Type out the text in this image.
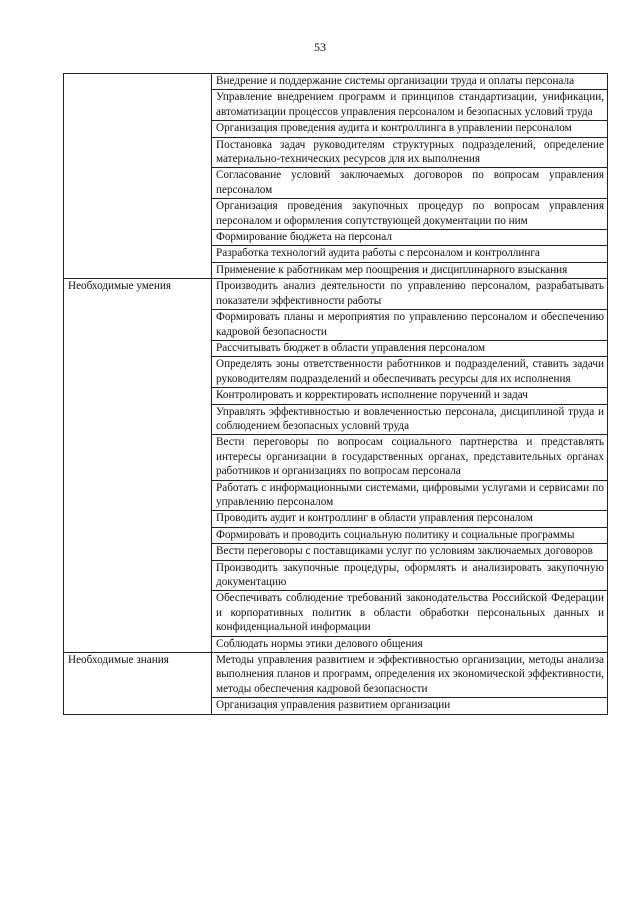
53
	Внедрение и поддержание системы организации труда и оплаты персонала
	Управление внедрением программ и принципов стандартизации, унификации, автоматизации процессов управления персоналом и безопасных условий труда
	Организация проведения аудита и контроллинга в управлении персоналом
	Постановка задач руководителям структурных подразделений, определение материально-технических ресурсов для их выполнения
	Согласование условий заключаемых договоров по вопросам управления персоналом
	Организация проведения закупочных процедур по вопросам управления персоналом и оформления сопутствующей документации по ним
	Формирование бюджета на персонал
	Разработка технологий аудита работы с персоналом и контроллинга
	Применение к работникам мер поощрения и дисциплинарного взыскания
Необходимые умения	Производить анализ деятельности по управлению персоналом, разрабатывать показатели эффективности работы
	Формировать планы и мероприятия по управлению персоналом и обеспечению кадровой безопасности
	Рассчитывать бюджет в области управления персоналом
	Определять зоны ответственности работников и подразделений, ставить задачи руководителям подразделений и обеспечивать ресурсы для их исполнения
	Контролировать и корректировать исполнение поручений и задач
	Управлять эффективностью и вовлеченностью персонала, дисциплиной труда и соблюдением безопасных условий труда
	Вести переговоры по вопросам социального партнерства и представлять интересы организации в государственных органах, представительных органах работников и организациях по вопросам персонала
	Работать с информационными системами, цифровыми услугами и сервисами по управлению персоналом
	Проводить аудит и контроллинг в области управления персоналом
	Формировать и проводить социальную политику и социальные программы
	Вести переговоры с поставщиками услуг по условиям заключаемых договоров
	Производить закупочные процедуры, оформлять и анализировать закупочную документацию
	Обеспечивать соблюдение требований законодательства Российской Федерации и корпоративных политик в области обработки персональных данных и конфиденциальной информации
	Соблюдать нормы этики делового общения
Необходимые знания	Методы управления развитием и эффективностью организации, методы анализа выполнения планов и программ, определения их экономической эффективности, методы обеспечения кадровой безопасности
	Организация управления развитием организации
